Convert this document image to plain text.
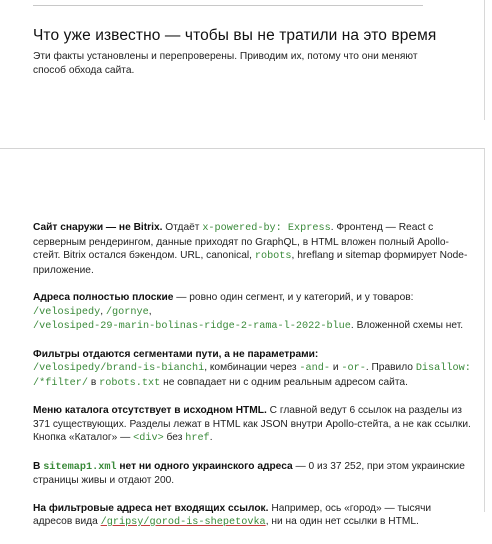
Что уже известно — чтобы вы не тратили на это время
Эти факты установлены и перепроверены. Приводим их, потому что они меняют способ обхода сайта.

Сайт снаружи — не Bitrix. Отдаёт x-powered-by: Express. Фронтенд — React с серверным рендерингом, данные приходят по GraphQL, в HTML вложен полный Apollo-стейт. Bitrix остался бэкендом. URL, canonical, robots, hreflang и sitemap формирует Node-приложение.

Адреса полностью плоские — ровно один сегмент, и у категорий, и у товаров: /velosipedy, /gornye,
/velosiped-29-marin-bolinas-ridge-2-rama-l-2022-blue. Вложенной схемы нет.

Фильтры отдаются сегментами пути, а не параметрами:
/velosipedy/brand-is-bianchi, комбинации через -and- и -or-. Правило Disallow: /*filter/ в robots.txt не совпадает ни с одним реальным адресом сайта.

Меню каталога отсутствует в исходном HTML. С главной ведут 6 ссылок на разделы из 371 существующих. Разделы лежат в HTML как JSON внутри Apollo-стейта, а не как ссылки. Кнопка «Каталог» — <div> без href.

В sitemap1.xml нет ни одного украинского адреса — 0 из 37 252, при этом украинские страницы живы и отдают 200.

На фильтровые адреса нет входящих ссылок. Например, ось «город» — тысячи адресов вида /gripsy/gorod-is-shepetovka, ни на один нет ссылки в HTML.
